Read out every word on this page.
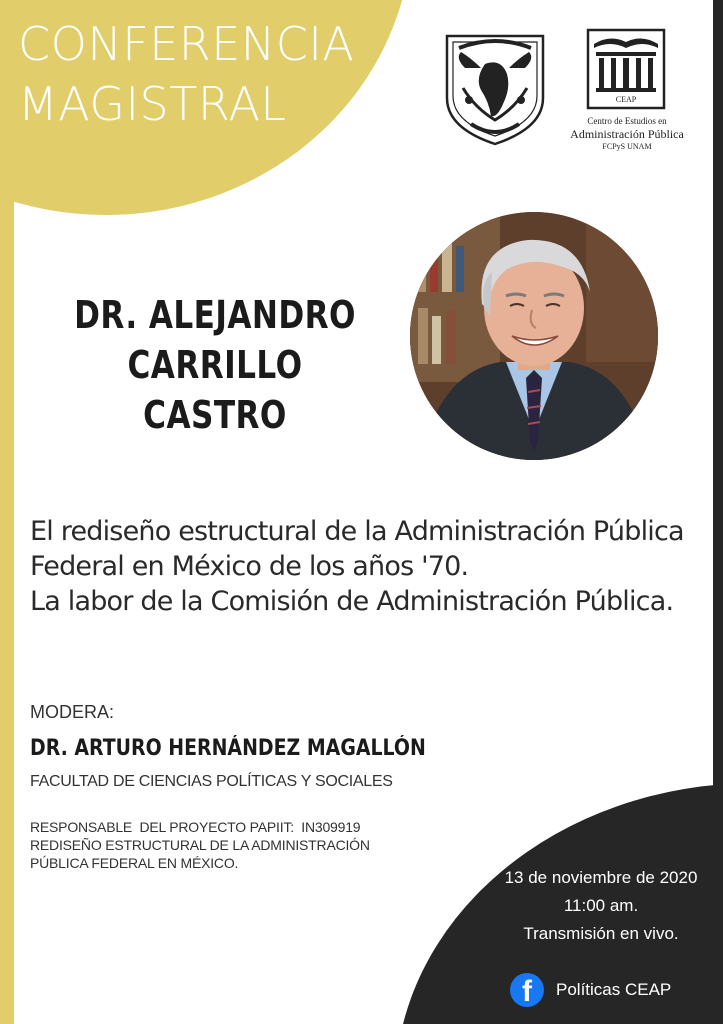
CONFERENCIA
MAGISTRAL	CEAP
Centro de Estudios en
Administración Pública
FCPyS UNAM
DR. ALEJANDRO
CARRILLO CASTRO
El rediseño estructural de la Administración Pública
Federal en México de los años '70.
La labor de la Comisión de Administración Pública.
MODERA:
DR. ARTURO HERNÁNDEZ MAGALLÓN
FACULTAD DE CIENCIAS POLÍTICAS Y SOCIALES
RESPONSABLE  DEL PROYECTO PAPIIT:  IN309919
REDISEÑO ESTRUCTURAL DE LA ADMINISTRACIÓN
PÚBLICA FEDERAL EN MÉXICO.
13 de noviembre de 2020
11:00 am.
Transmisión en vivo.
f	Políticas CEAP
